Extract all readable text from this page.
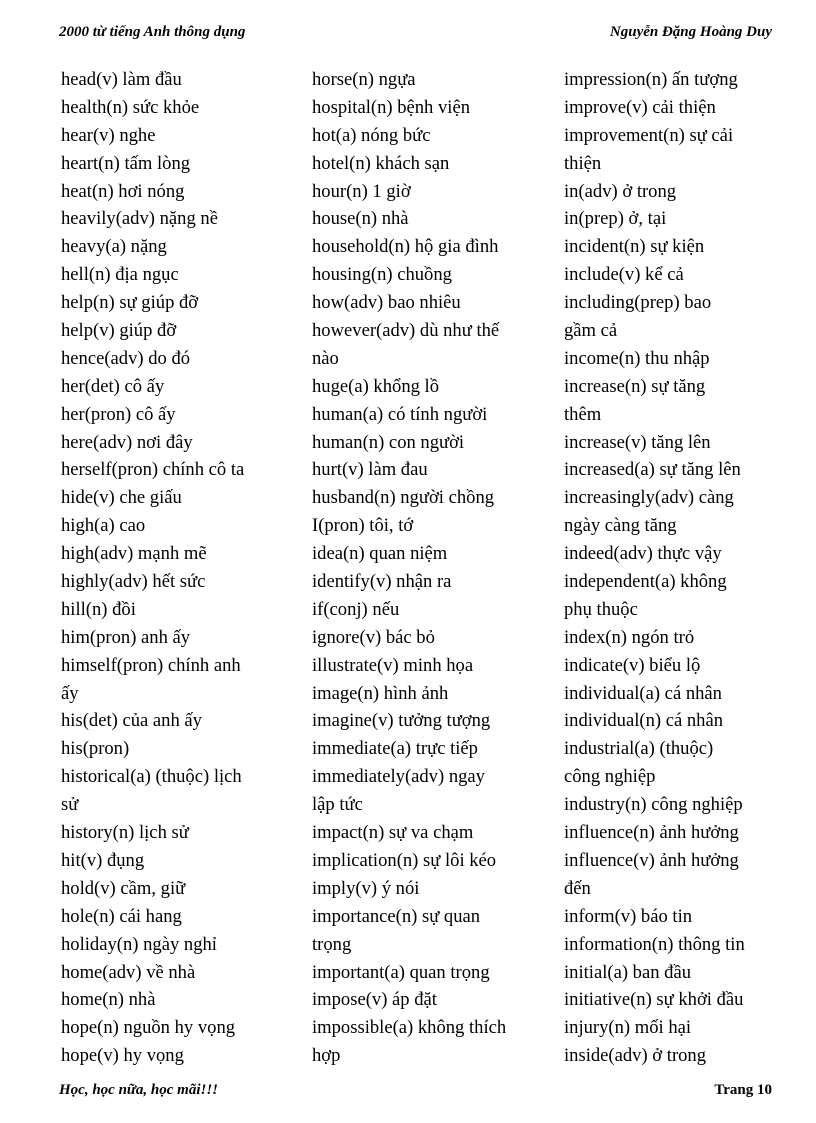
2000 từ tiếng Anh thông dụng	Nguyễn Đặng Hoàng Duy
head(v) làm đầu
health(n) sức khỏe
hear(v) nghe
heart(n) tấm lòng
heat(n) hơi nóng
heavily(adv) nặng nề
heavy(a) nặng
hell(n) địa ngục
help(n) sự giúp đỡ
help(v) giúp đỡ
hence(adv) do đó
her(det) cô ấy
her(pron) cô ấy
here(adv) nơi đây
herself(pron) chính cô ta
hide(v) che giấu
high(a) cao
high(adv) mạnh mẽ
highly(adv) hết sức
hill(n) đồi
him(pron) anh ấy
himself(pron) chính anh
ấy
his(det) của anh ấy
his(pron)
historical(a) (thuộc) lịch
sử
history(n) lịch sử
hit(v) đụng
hold(v) cầm, giữ
hole(n) cái hang
holiday(n) ngày nghỉ
home(adv) về nhà
home(n) nhà
hope(n) nguồn hy vọng
hope(v) hy vọng
horse(n) ngựa
hospital(n) bệnh viện
hot(a) nóng bức
hotel(n) khách sạn
hour(n) 1 giờ
house(n) nhà
household(n) hộ gia đình
housing(n) chuồng
how(adv) bao nhiêu
however(adv) dù như thế
nào
huge(a) khổng lồ
human(a) có tính người
human(n) con người
hurt(v) làm đau
husband(n) người chồng
I(pron) tôi, tớ
idea(n) quan niệm
identify(v) nhận ra
if(conj) nếu
ignore(v) bác bỏ
illustrate(v) minh họa
image(n) hình ảnh
imagine(v) tưởng tượng
immediate(a) trực tiếp
immediately(adv) ngay
lập tức
impact(n) sự va chạm
implication(n) sự lôi kéo
imply(v) ý nói
importance(n) sự quan
trọng
important(a) quan trọng
impose(v) áp đặt
impossible(a) không thích
hợp
impression(n) ấn tượng
improve(v) cải thiện
improvement(n) sự cải
thiện
in(adv) ở trong
in(prep) ở, tại
incident(n) sự kiện
include(v) kể cả
including(prep) bao
gầm cả
income(n) thu nhập
increase(n) sự tăng
thêm
increase(v) tăng lên
increased(a) sự tăng lên
increasingly(adv) càng
ngày càng tăng
indeed(adv) thực vậy
independent(a) không
phụ thuộc
index(n) ngón trỏ
indicate(v) biểu lộ
individual(a) cá nhân
individual(n) cá nhân
industrial(a) (thuộc)
công nghiệp
industry(n) công nghiệp
influence(n) ảnh hưởng
influence(v) ảnh hưởng
đến
inform(v) báo tin
information(n) thông tin
initial(a) ban đầu
initiative(n) sự khởi đầu
injury(n) mối hại
inside(adv) ở trong
Học, học nữa, học mãi!!!	Trang 10
